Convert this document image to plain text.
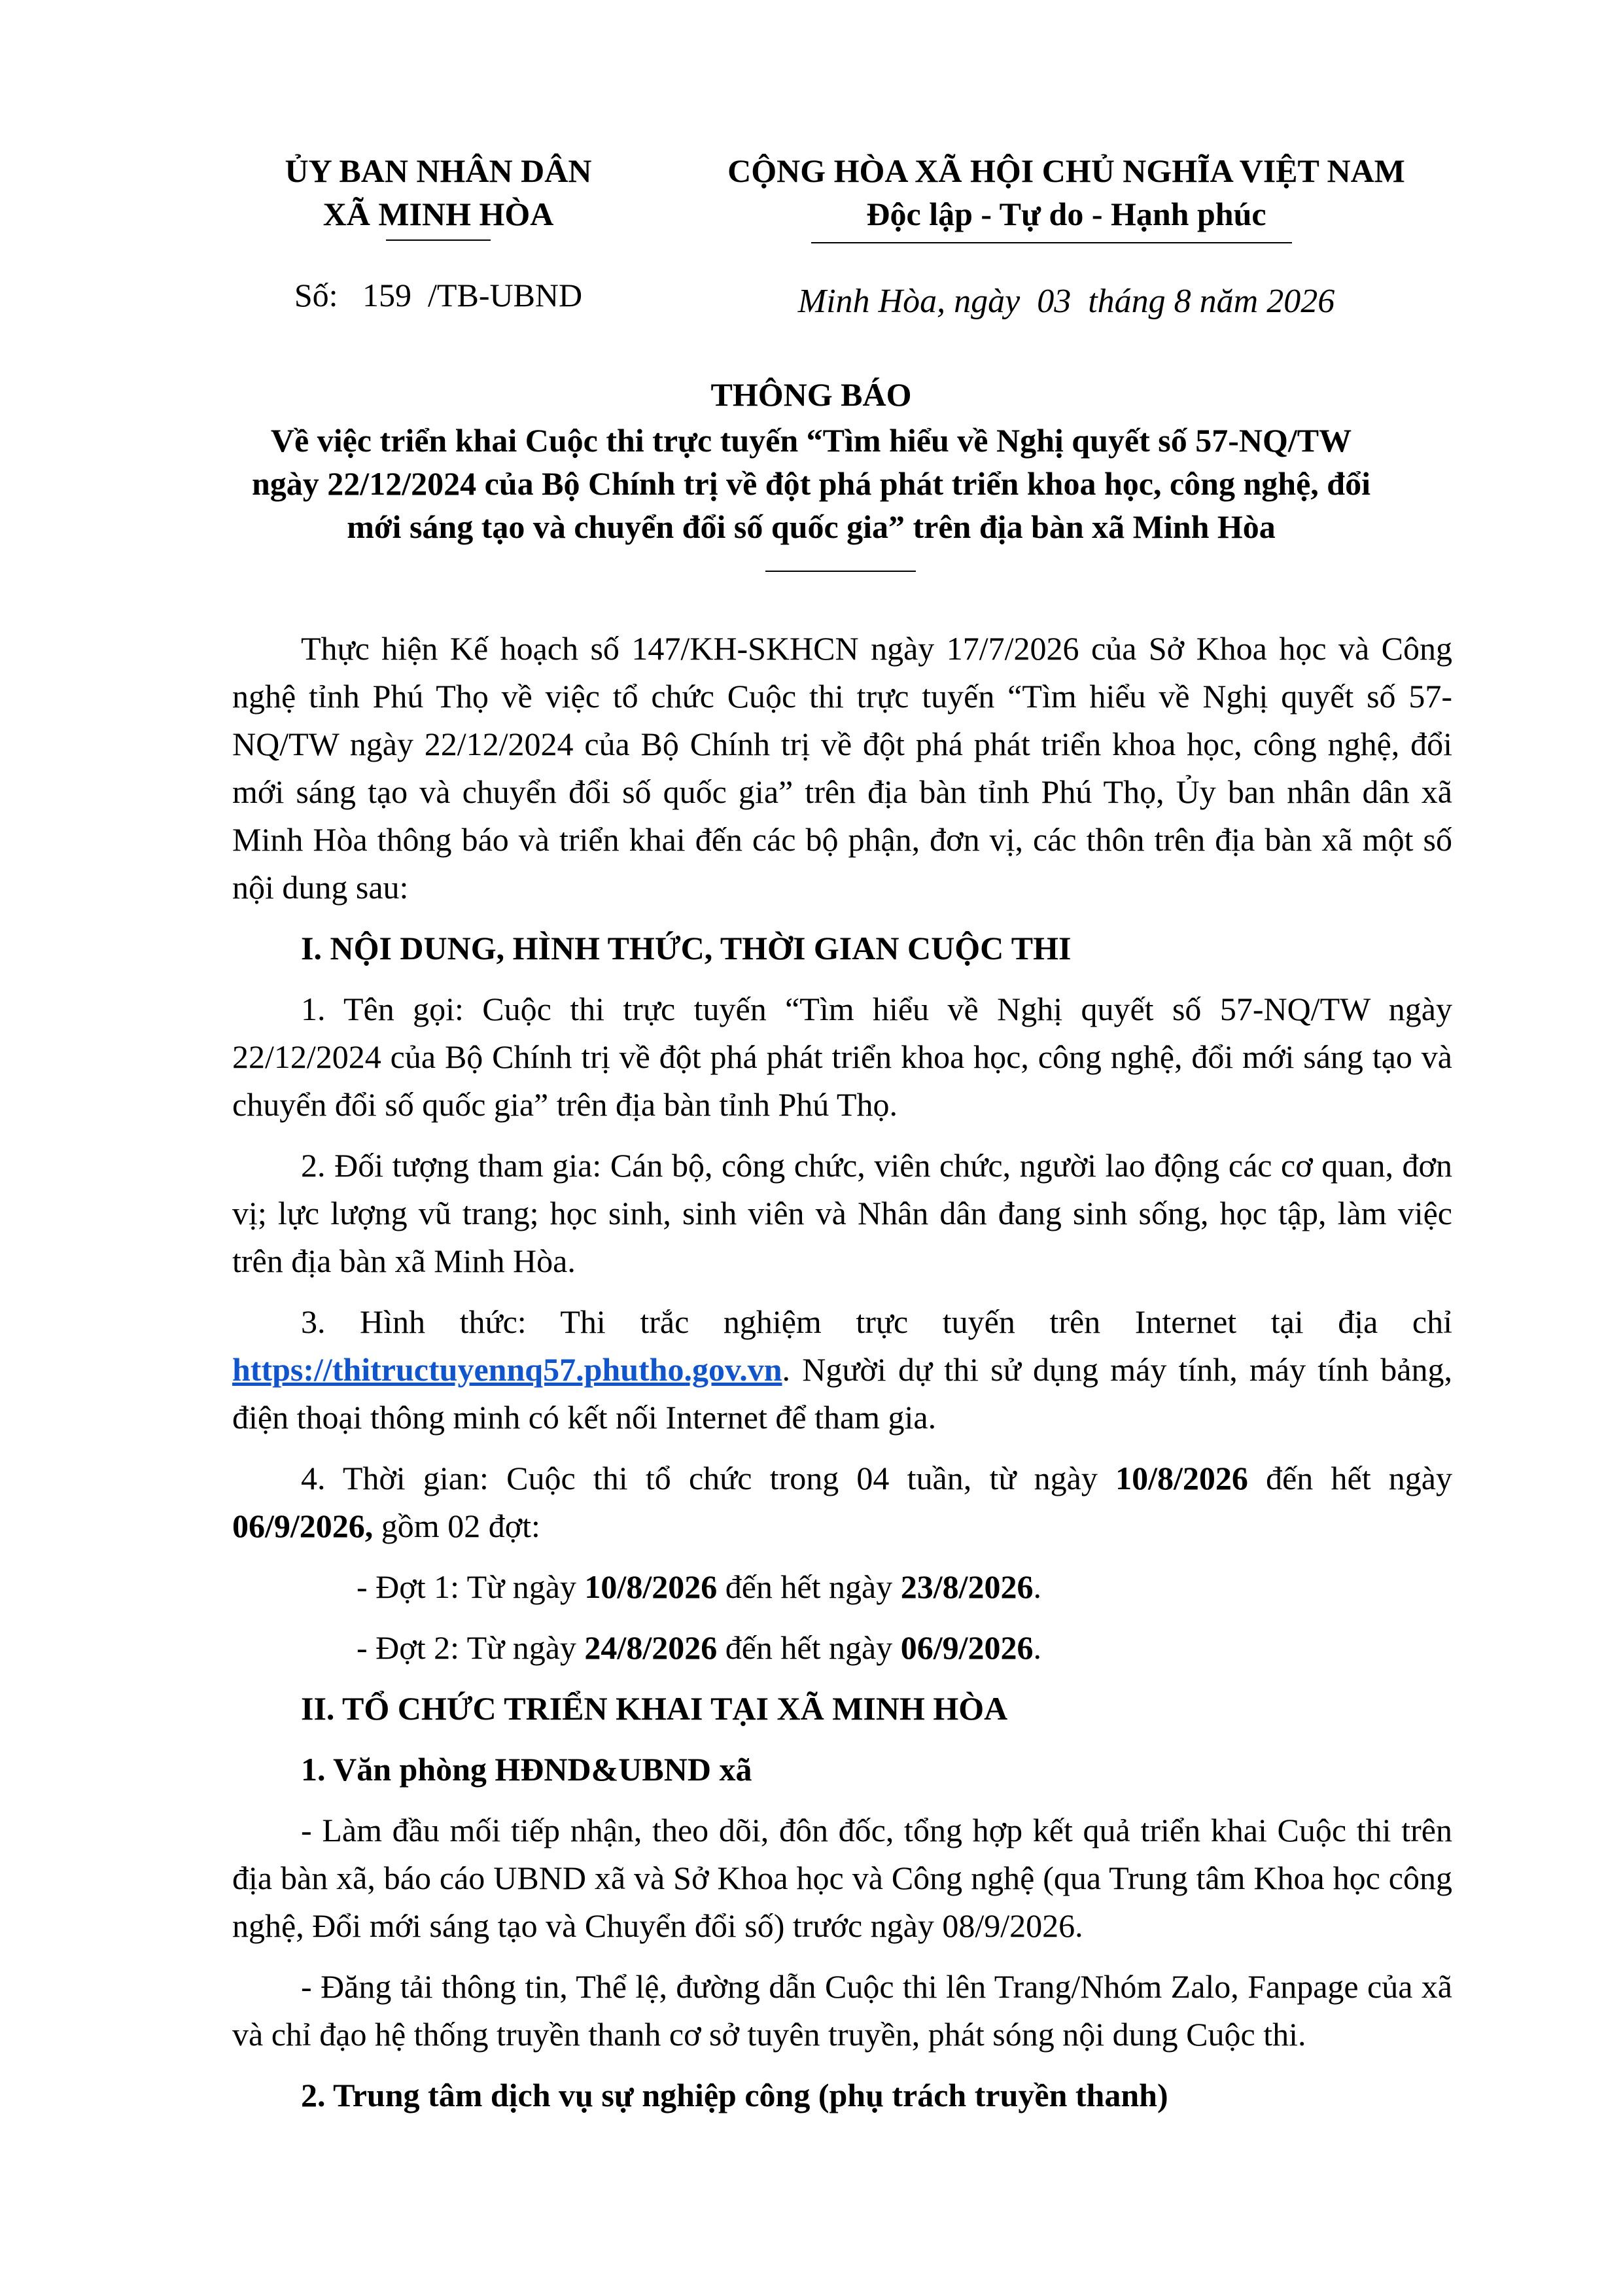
ỦY BAN NHÂN DÂN
XÃ MINH HÒA
CỘNG HÒA XÃ HỘI CHỦ NGHĨA VIỆT NAM
Độc lập - Tự do - Hạnh phúc
Số:   159  /TB-UBND	Minh Hòa, ngày  03  tháng 8 năm 2026
THÔNG BÁO
Về việc triển khai Cuộc thi trực tuyến “Tìm hiểu về Nghị quyết số 57-NQ/TW
ngày 22/12/2024 của Bộ Chính trị về đột phá phát triển khoa học, công nghệ, đổi
mới sáng tạo và chuyển đổi số quốc gia” trên địa bàn xã Minh Hòa

Thực hiện Kế hoạch số 147/KH-SKHCN ngày 17/7/2026 của Sở Khoa học và Công nghệ tỉnh Phú Thọ về việc tổ chức Cuộc thi trực tuyến “Tìm hiểu về Nghị quyết số 57-NQ/TW ngày 22/12/2024 của Bộ Chính trị về đột phá phát triển khoa học, công nghệ, đổi mới sáng tạo và chuyển đổi số quốc gia” trên địa bàn tỉnh Phú Thọ, Ủy ban nhân dân xã Minh Hòa thông báo và triển khai đến các bộ phận, đơn vị, các thôn trên địa bàn xã một số nội dung sau:

I. NỘI DUNG, HÌNH THỨC, THỜI GIAN CUỘC THI

1. Tên gọi: Cuộc thi trực tuyến “Tìm hiểu về Nghị quyết số 57-NQ/TW ngày 22/12/2024 của Bộ Chính trị về đột phá phát triển khoa học, công nghệ, đổi mới sáng tạo và chuyển đổi số quốc gia” trên địa bàn tỉnh Phú Thọ.

2. Đối tượng tham gia: Cán bộ, công chức, viên chức, người lao động các cơ quan, đơn vị; lực lượng vũ trang; học sinh, sinh viên và Nhân dân đang sinh sống, học tập, làm việc trên địa bàn xã Minh Hòa.

3. Hình thức: Thi trắc nghiệm trực tuyến trên Internet tại địa chỉ https://thitructuyennq57.phutho.gov.vn. Người dự thi sử dụng máy tính, máy tính bảng, điện thoại thông minh có kết nối Internet để tham gia.

4. Thời gian: Cuộc thi tổ chức trong 04 tuần, từ ngày 10/8/2026 đến hết ngày 06/9/2026, gồm 02 đợt:

- Đợt 1: Từ ngày 10/8/2026 đến hết ngày 23/8/2026.
- Đợt 2: Từ ngày 24/8/2026 đến hết ngày 06/9/2026.
II. TỔ CHỨC TRIỂN KHAI TẠI XÃ MINH HÒA
1. Văn phòng HĐND&UBND xã

- Làm đầu mối tiếp nhận, theo dõi, đôn đốc, tổng hợp kết quả triển khai Cuộc thi trên địa bàn xã, báo cáo UBND xã và Sở Khoa học và Công nghệ (qua Trung tâm Khoa học công nghệ, Đổi mới sáng tạo và Chuyển đổi số) trước ngày 08/9/2026.

- Đăng tải thông tin, Thể lệ, đường dẫn Cuộc thi lên Trang/Nhóm Zalo, Fanpage của xã và chỉ đạo hệ thống truyền thanh cơ sở tuyên truyền, phát sóng nội dung Cuộc thi.

2. Trung tâm dịch vụ sự nghiệp công (phụ trách truyền thanh)
